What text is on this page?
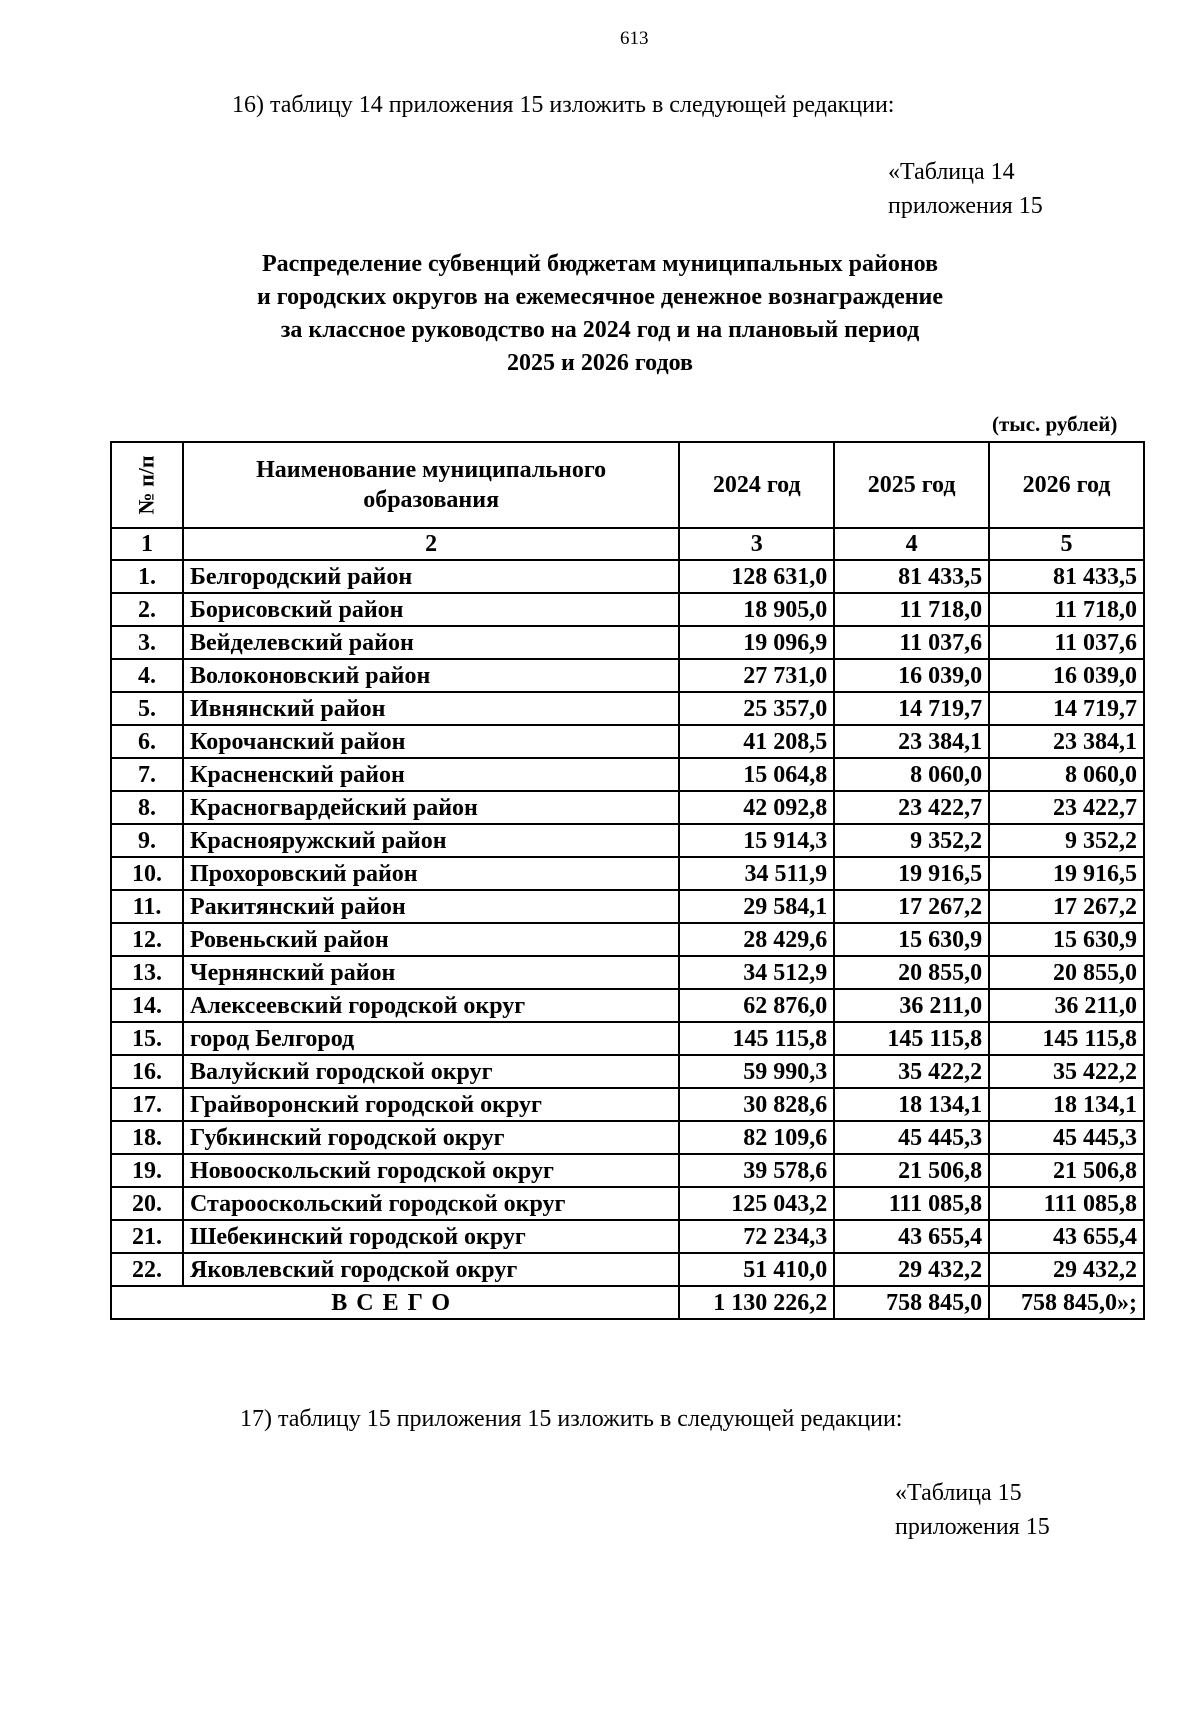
613
16) таблицу 14 приложения 15 изложить в следующей редакции:
«Таблица 14
приложения 15
Распределение субвенций бюджетам муниципальных районов
и городских округов на ежемесячное денежное вознаграждение
за классное руководство на 2024 год и на плановый период
2025 и 2026 годов
(тыс. рублей)
№ п/п	Наименование муниципального образования	2024 год	2025 год	2026 год
1	2	3	4	5
1.	Белгородский район	128 631,0	81 433,5	81 433,5
2.	Борисовский район	18 905,0	11 718,0	11 718,0
3.	Вейделевский район	19 096,9	11 037,6	11 037,6
4.	Волоконовский район	27 731,0	16 039,0	16 039,0
5.	Ивнянский район	25 357,0	14 719,7	14 719,7
6.	Корочанский район	41 208,5	23 384,1	23 384,1
7.	Красненский район	15 064,8	8 060,0	8 060,0
8.	Красногвардейский район	42 092,8	23 422,7	23 422,7
9.	Краснояружский район	15 914,3	9 352,2	9 352,2
10.	Прохоровский район	34 511,9	19 916,5	19 916,5
11.	Ракитянский район	29 584,1	17 267,2	17 267,2
12.	Ровеньский район	28 429,6	15 630,9	15 630,9
13.	Чернянский район	34 512,9	20 855,0	20 855,0
14.	Алексеевский городской округ	62 876,0	36 211,0	36 211,0
15.	город Белгород	145 115,8	145 115,8	145 115,8
16.	Валуйский городской округ	59 990,3	35 422,2	35 422,2
17.	Грайворонский городской округ	30 828,6	18 134,1	18 134,1
18.	Губкинский городской округ	82 109,6	45 445,3	45 445,3
19.	Новооскольский городской округ	39 578,6	21 506,8	21 506,8
20.	Старооскольский городской округ	125 043,2	111 085,8	111 085,8
21.	Шебекинский городской округ	72 234,3	43 655,4	43 655,4
22.	Яковлевский городской округ	51 410,0	29 432,2	29 432,2
ВСЕГО		1 130 226,2	758 845,0	758 845,0»;
17) таблицу 15 приложения 15 изложить в следующей редакции:
«Таблица 15
приложения 15
